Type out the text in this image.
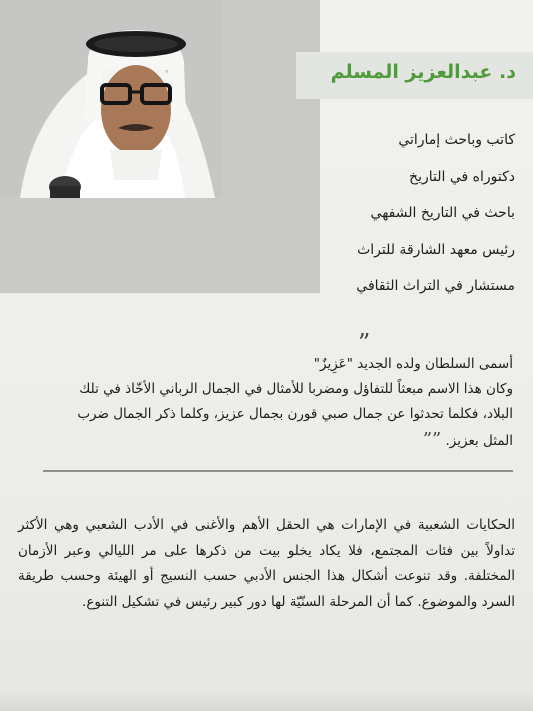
د. عبدالعزيز المسلم
كاتب وباحث إماراتي
دكتوراه في التاريخ
باحث في التاريخ الشفهي
رئيس معهد الشارقة للتراث
مستشار في التراث الثقافي
”
أسمى السلطان ولده الجديد "عَزِيزٌ"
وكان هذا الاسم مبعثاً للتفاؤل ومضربا للأمثال في الجمال الرباني الأخّاذ في تلك
البلاد، فكلما تحدثوا عن جمال صبي قورن بجمال عزيز، وكلما ذكر الجمال ضرب
المثل بعزيز. ””
الحكايات الشعبية في الإمارات هي الحقل الأهم والأغنى في الأدب الشعبي وهي الأكثر تداولاً بين فئات المجتمع، فلا يكاد يخلو بيت من ذكرها على مر الليالي وعبر الأزمان المختلفة. وقد تنوعت أشكال هذا الجنس الأدبي حسب النسيج أو الهيئة وحسب طريقة السرد والموضوع. كما أن المرحلة السنّيّة لها دور كبير رئيس في تشكيل التنوع.
